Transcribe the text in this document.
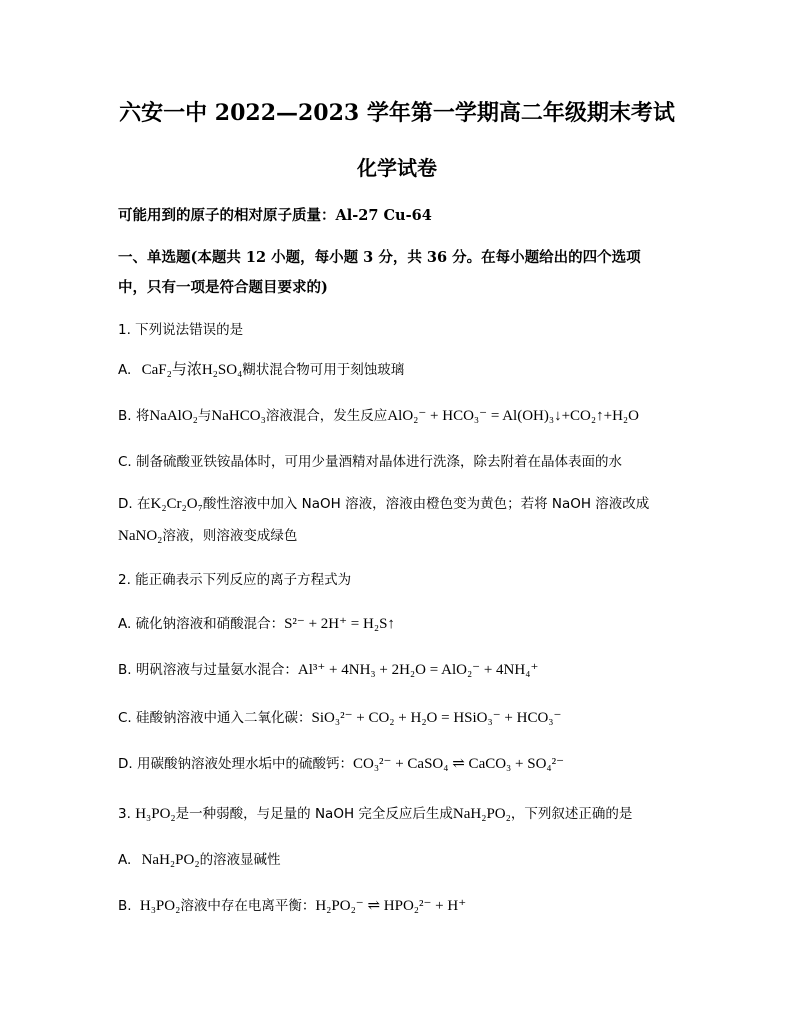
六安一中 2022—2023 学年第一学期高二年级期末考试
化学试卷
可能用到的原子的相对原子质量：Al-27 Cu-64
一、单选题(本题共 12 小题，每小题 3 分，共 36 分。在每小题给出的四个选项
中，只有一项是符合题目要求的)
1. 下列说法错误的是
A. CaF₂与浓H₂SO₄糊状混合物可用于刻蚀玻璃
B. 将NaAlO₂与NaHCO₃溶液混合，发生反应AlO₂⁻ + HCO₃⁻ = Al(OH)₃↓+CO₂↑+H₂O
C. 制备硫酸亚铁铵晶体时，可用少量酒精对晶体进行洗涤，除去附着在晶体表面的水
D. 在K₂Cr₂O₇酸性溶液中加入 NaOH 溶液，溶液由橙色变为黄色；若将 NaOH 溶液改成
NaNO₂溶液，则溶液变成绿色
2. 能正确表示下列反应的离子方程式为
A. 硫化钠溶液和硝酸混合：S²⁻ + 2H⁺ = H₂S↑
B. 明矾溶液与过量氨水混合：Al³⁺ + 4NH₃ + 2H₂O = AlO₂⁻ + 4NH₄⁺
C. 硅酸钠溶液中通入二氧化碳：SiO₃²⁻ + CO₂ + H₂O = HSiO₃⁻ + HCO₃⁻
D. 用碳酸钠溶液处理水垢中的硫酸钙：CO₃²⁻ + CaSO₄ ⇌ CaCO₃ + SO₄²⁻
3. H₃PO₂是一种弱酸，与足量的 NaOH 完全反应后生成NaH₂PO₂，下列叙述正确的是
A. NaH₂PO₂的溶液显碱性
B. H₃PO₂溶液中存在电离平衡：H₂PO₂⁻ ⇌ HPO₂²⁻ + H⁺
